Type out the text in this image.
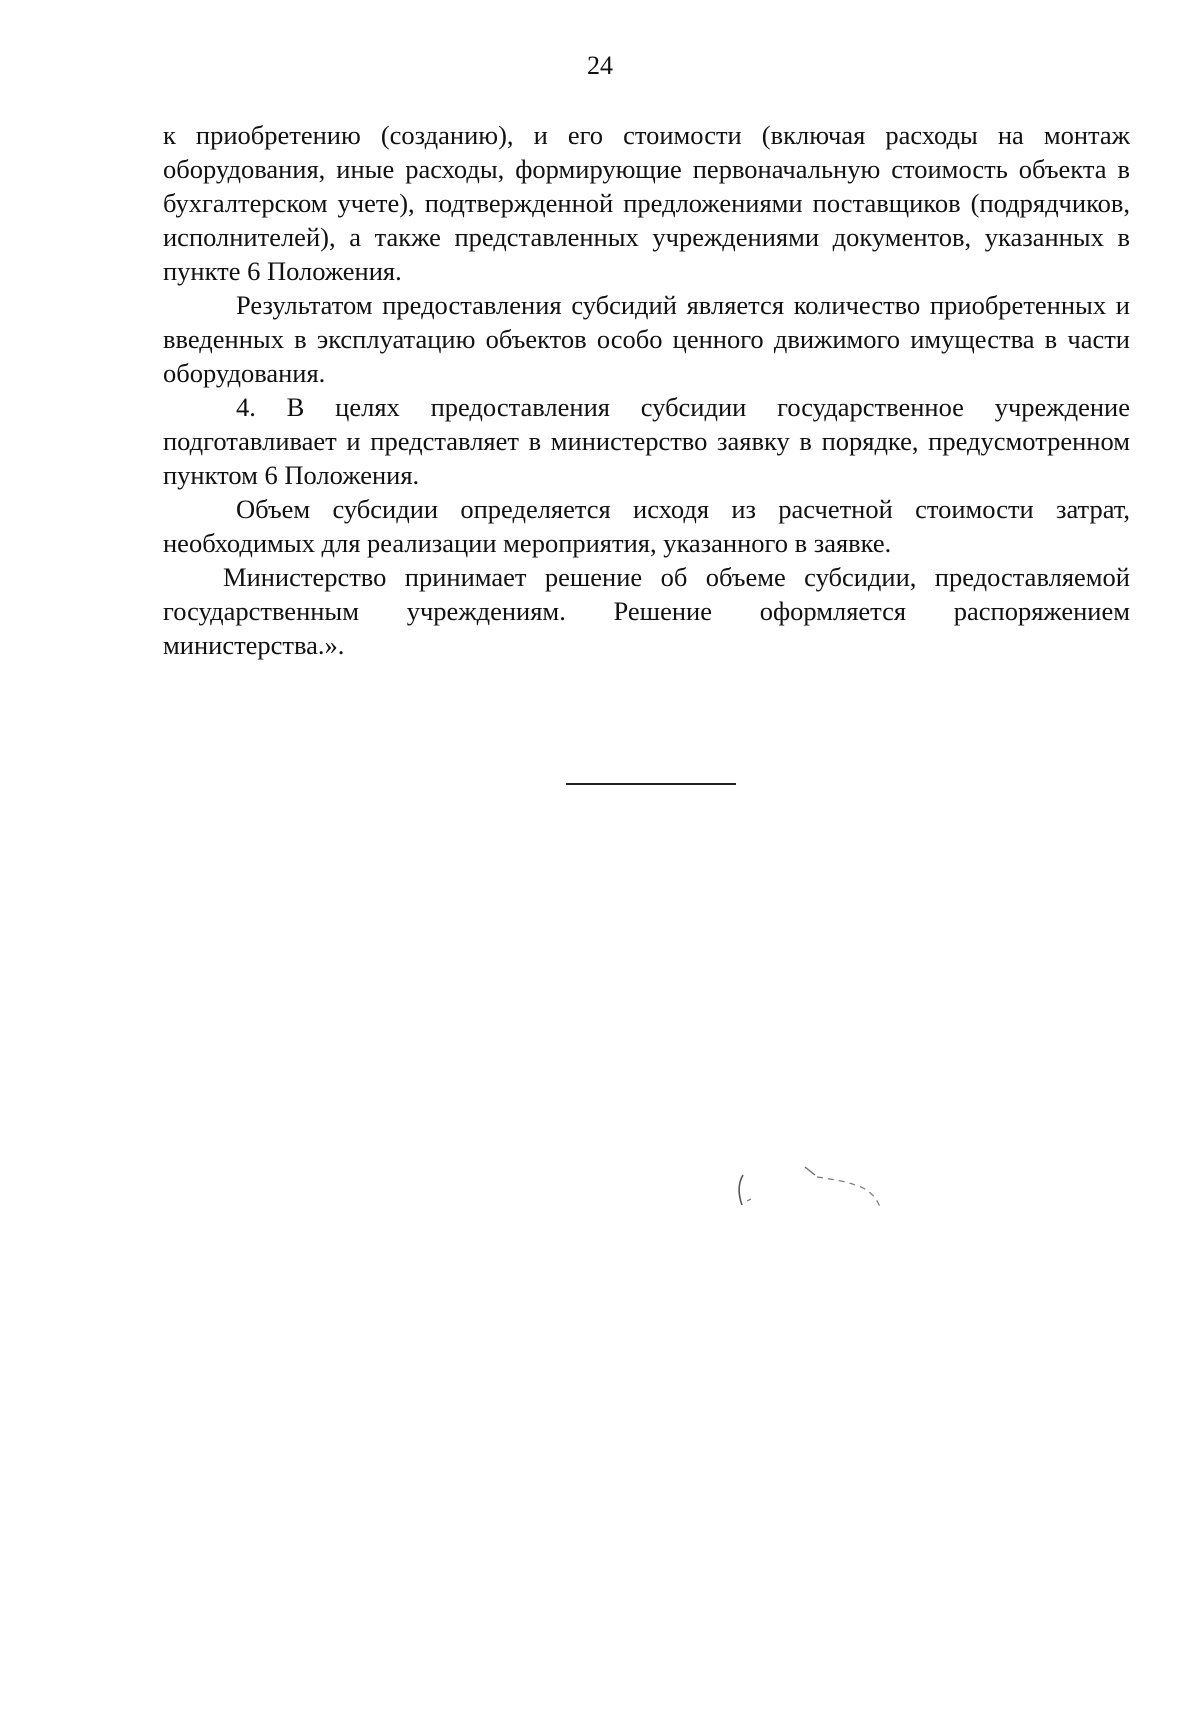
24

к приобретению (созданию), и его стоимости (включая расходы на монтаж оборудования, иные расходы, формирующие первоначальную стоимость объекта в бухгалтерском учете), подтвержденной предложениями поставщиков (подрядчиков, исполнителей), а также представленных учреждениями документов, указанных в пункте 6 Положения.

Результатом предоставления субсидий является количество приобретенных и введенных в эксплуатацию объектов особо ценного движимого имущества в части оборудования.

4. В целях предоставления субсидии государственное учреждение подготавливает и представляет в министерство заявку в порядке, предусмотренном пунктом 6 Положения.

Объем субсидии определяется исходя из расчетной стоимости затрат, необходимых для реализации мероприятия, указанного в заявке.

Министерство принимает решение об объеме субсидии, предоставляемой государственным учреждениям. Решение оформляется распоряжением министерства.».
